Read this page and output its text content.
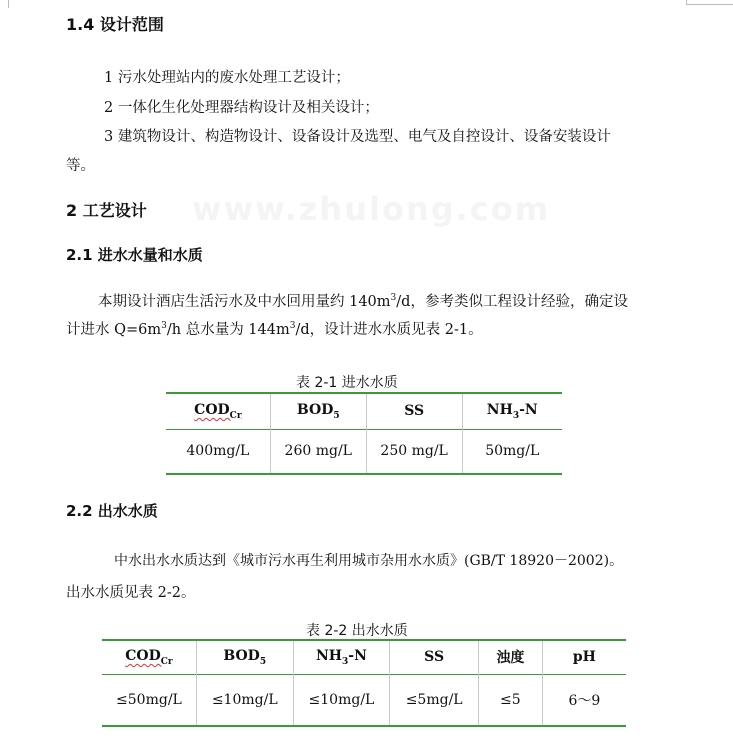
1.4 设计范围
1 污水处理站内的废水处理工艺设计；
2 一体化生化处理器结构设计及相关设计；
3 建筑物设计、构造物设计、设备设计及选型、电气及自控设计、设备安装设计
等。
2 工艺设计 www.zhulong.com
2.1 进水水量和水质
本期设计酒店生活污水及中水回用量约 $140m^3/d$，参考类似工程设计经验，确定设
计进水 $Q=6m^3/h$ 总水量为 $144m^3/d$，设计进水水质见表 2-1。
表 2-1 进水水质
$COD_{Cr}$	$BOD_5$	SS	$NH_3-N$
400mg/L	260 mg/L	250 mg/L	50mg/L
2.2 出水水质
中水出水水质达到《城市污水再生利用城市杂用水水质》(GB/T 18920－2002)。
出水水质见表 2-2。
表 2-2 出水水质
$COD_{Cr}$	$BOD_5$	$NH_3-N$	SS	浊度	pH
≤50mg/L	≤10mg/L	≤10mg/L	≤5mg/L	≤5	6～9
